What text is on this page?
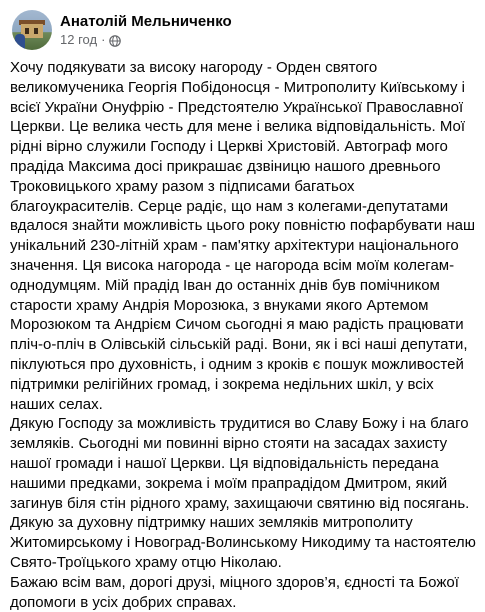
Анатолій Мельниченко
12 год ·

Хочу подякувати за високу нагороду - Орден святого

великомученика Георгія Побідоносця - Митрополиту Київському і

всієї України Онуфрію - Предстоятелю Української Православної

Церкви. Це велика честь для мене і велика відповідальність. Мої

рідні вірно служили Господу і Церкві Христовій. Автограф мого

прадіда Максима досі прикрашає дзвіницю нашого древнього

Троковицького храму разом з підписами багатьох

благоукрасителів. Серце радіє, що нам з колегами-депутатами

вдалося знайти можливість цього року повністю пофарбувати наш

унікальний 230-літній храм - пам'ятку архітектури національного

значення. Ця висока нагорода - це нагорода всім моїм колегам-

однодумцям. Мій прадід Іван до останніх днів був помічником

старости храму Андрія Морозюка, з внуками якого Артемом

Морозюком та Андрієм Сичом сьогодні я маю радість працювати

пліч-о-пліч в Олівській сільській раді. Вони, як і всі наші депутати,

піклуються про духовність, і одним з кроків є пошук можливостей

підтримки релігійних громад, і зокрема недільних шкіл, у всіх

наших селах.

Дякую Господу за можливість трудитися во Славу Божу і на благо

земляків. Сьогодні ми повинні вірно стояти на засадах захисту

нашої громади і нашої Церкви. Ця відповідальність передана

нашими предками, зокрема і моїм прапрадідом Дмитром, який

загинув біля стін рідного храму, захищаючи святиню від посягань.

Дякую за духовну підтримку наших земляків митрополиту

Житомирському і Новоград-Волинському Никодиму та настоятелю

Свято-Троїцького храму отцю Ніколаю.

Бажаю всім вам, дорогі друзі, міцного здоров’я, єдності та Божої

допомоги в усіх добрих справах.
